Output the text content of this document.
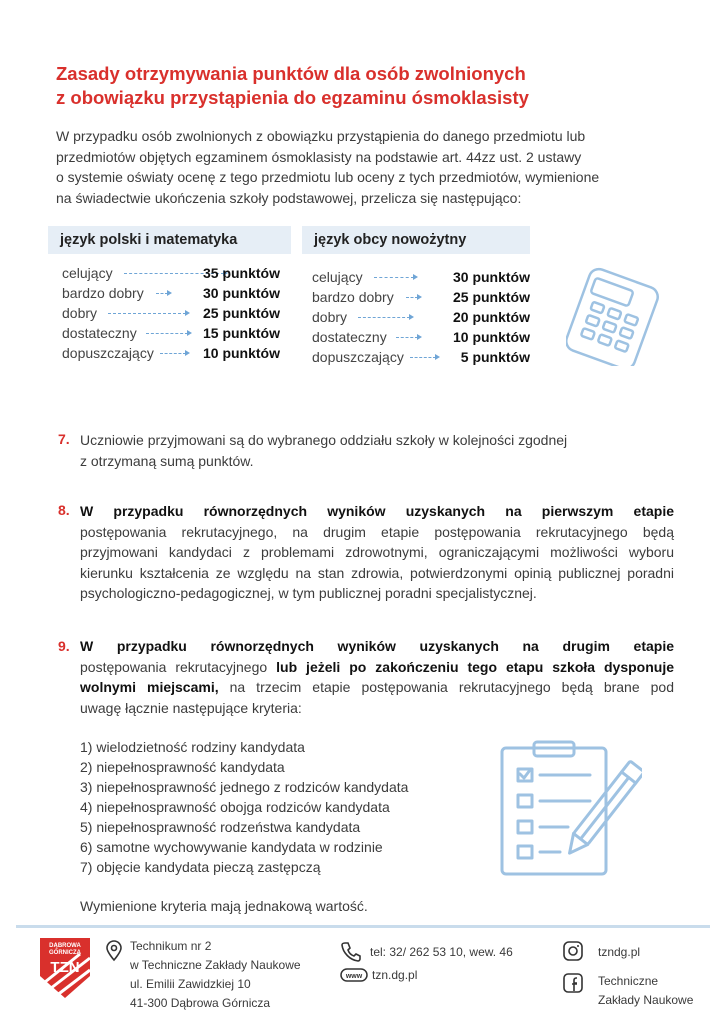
Zasady otrzymywania punktów dla osób zwolnionych
z obowiązku przystąpienia do egzaminu ósmoklasisty
W przypadku osób zwolnionych z obowiązku przystąpienia do danego przedmiotu lub
przedmiotów objętych egzaminem ósmoklasisty na podstawie art. 44zz ust. 2 ustawy
o systemie oświaty ocenę z tego przedmiotu lub oceny z tych przedmiotów, wymienione
na świadectwie ukończenia szkoły podstawowej, przelicza się następująco:
język polski i matematyka
celujący	35 punktów
bardzo dobry	30 punktów
dobry	25 punktów
dostateczny	15 punktów
dopuszczający	10 punktów
język obcy nowożytny
celujący	30 punktów
bardzo dobry	25 punktów
dobry	20 punktów
dostateczny	10 punktów
dopuszczający	5 punktów
7. Uczniowie przyjmowani są do wybranego oddziału szkoły w kolejności zgodnej
z otrzymaną sumą punktów.
8. W przypadku równorzędnych wyników uzyskanych na pierwszym etapie
postępowania rekrutacyjnego, na drugim etapie postępowania rekrutacyjnego będą
przyjmowani kandydaci z problemami zdrowotnymi, ograniczającymi możliwości wyboru
kierunku kształcenia ze względu na stan zdrowia, potwierdzonymi opinią publicznej poradni
psychologiczno-pedagogicznej, w tym publicznej poradni specjalistycznej.
9. W przypadku równorzędnych wyników uzyskanych na drugim etapie
postępowania rekrutacyjnego lub jeżeli po zakończeniu tego etapu szkoła dysponuje
wolnymi miejscami, na trzecim etapie postępowania rekrutacyjnego będą brane pod
uwagę łącznie następujące kryteria:
1) wielodzietność rodziny kandydata
2) niepełnosprawność kandydata
3) niepełnosprawność jednego z rodziców kandydata
4) niepełnosprawność obojga rodziców kandydata
5) niepełnosprawność rodzeństwa kandydata
6) samotne wychowywanie kandydata w rodzinie
7) objęcie kandydata pieczą zastępczą
Wymienione kryteria mają jednakową wartość.
DĄBROWA
GÓRNICZA
TZN
Technikum nr 2
w Techniczne Zakłady Naukowe
ul. Emilii Zawidzkiej 10
41-300 Dąbrowa Górnicza
tel: 32/ 262 53 10, wew. 46
www tzn.dg.pl
tzndg.pl
Techniczne
Zakłady Naukowe
